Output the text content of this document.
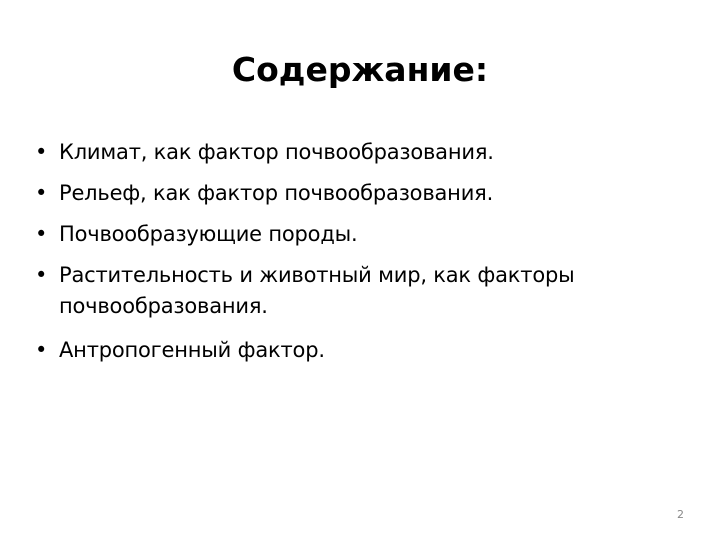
Содержание:
• Климат, как фактор почвообразования.
• Рельеф, как фактор почвообразования.
• Почвообразующие породы.
• Растительность и животный мир, как факторы почвообразования.
• Антропогенный фактор.
2
